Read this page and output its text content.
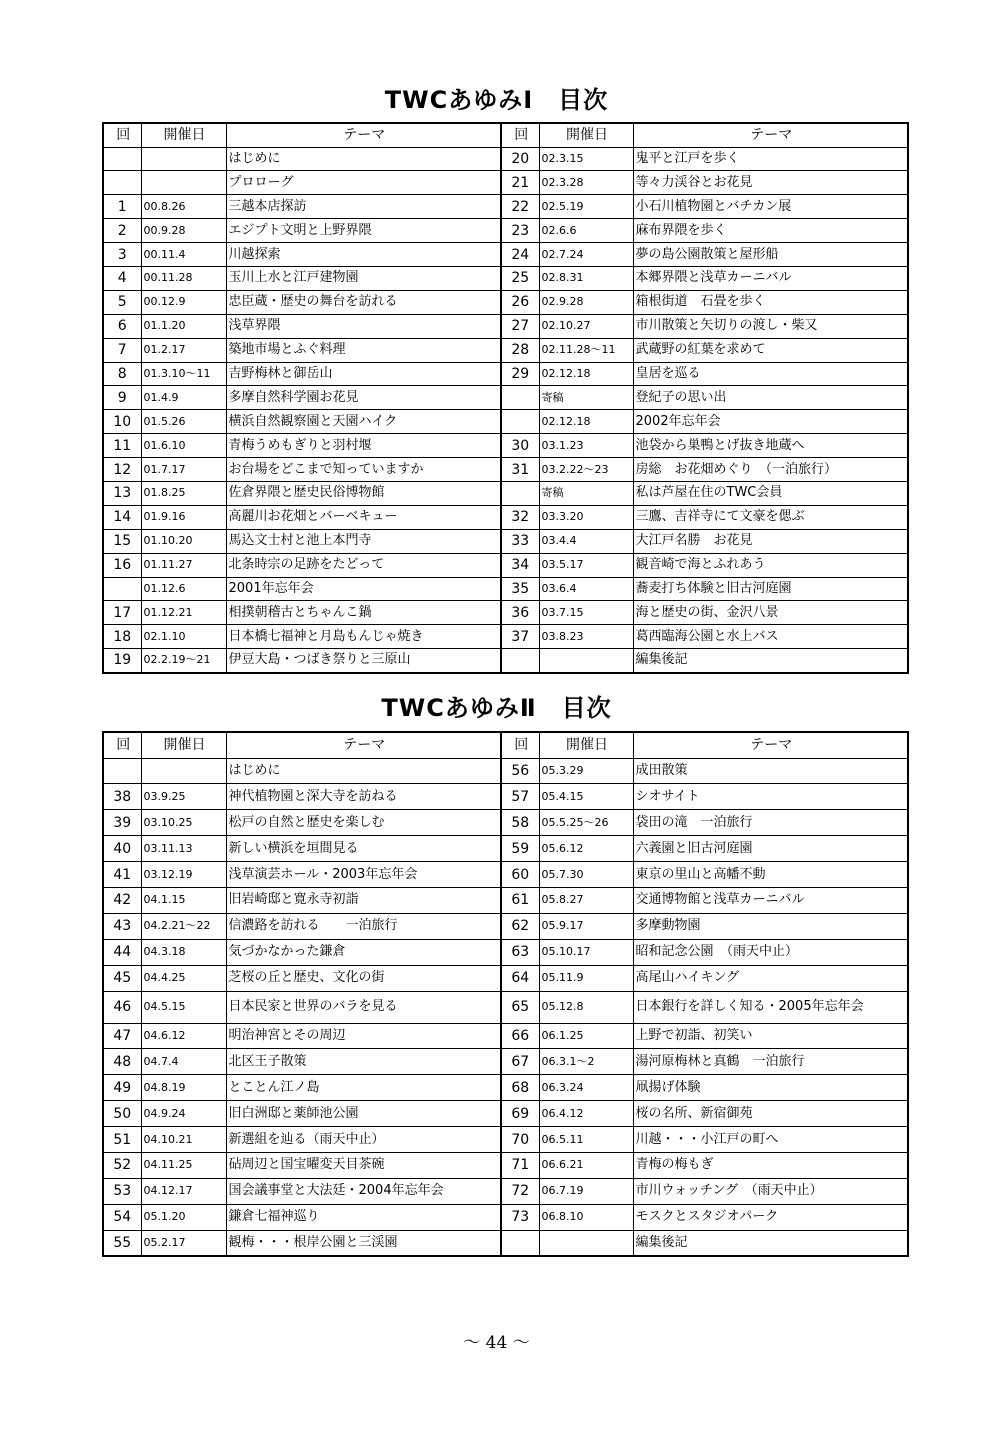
TWCあゆみⅠ　目次
回	開催日	テーマ	回	開催日	テーマ
		はじめに	20	02.3.15	鬼平と江戸を歩く
		プロローグ	21	02.3.28	等々力渓谷とお花見
1	00.8.26	三越本店探訪	22	02.5.19	小石川植物園とバチカン展
2	00.9.28	エジプト文明と上野界隈	23	02.6.6	麻布界隈を歩く
3	00.11.4	川越探索	24	02.7.24	夢の島公園散策と屋形船
4	00.11.28	玉川上水と江戸建物園	25	02.8.31	本郷界隈と浅草カーニバル
5	00.12.9	忠臣蔵・歴史の舞台を訪れる	26	02.9.28	箱根街道　石畳を歩く
6	01.1.20	浅草界隈	27	02.10.27	市川散策と矢切りの渡し・柴又
7	01.2.17	築地市場とふぐ料理	28	02.11.28～11	武蔵野の紅葉を求めて
8	01.3.10～11	吉野梅林と御岳山	29	02.12.18	皇居を巡る
9	01.4.9	多摩自然科学園お花見		寄稿	登紀子の思い出
10	01.5.26	横浜自然観察園と天園ハイク		02.12.18	2002年忘年会
11	01.6.10	青梅うめもぎりと羽村堰	30	03.1.23	池袋から巣鴨とげ抜き地蔵へ
12	01.7.17	お台場をどこまで知っていますか	31	03.2.22～23	房総　お花畑めぐり　（一泊旅行）
13	01.8.25	佐倉界隈と歴史民俗博物館		寄稿	私は芦屋在住のTWC会員
14	01.9.16	高麗川お花畑とバーベキュー	32	03.3.20	三鷹、吉祥寺にて文豪を偲ぶ
15	01.10.20	馬込文士村と池上本門寺	33	03.4.4	大江戸名勝　お花見
16	01.11.27	北条時宗の足跡をたどって	34	03.5.17	観音崎で海とふれあう
	01.12.6	2001年忘年会	35	03.6.4	蕎麦打ち体験と旧古河庭園
17	01.12.21	相撲朝稽古とちゃんこ鍋	36	03.7.15	海と歴史の街、金沢八景
18	02.1.10	日本橋七福神と月島もんじゃ焼き	37	03.8.23	葛西臨海公園と水上バス
19	02.2.19～21	伊豆大島・つばき祭りと三原山			編集後記
TWCあゆみⅡ　目次
回	開催日	テーマ	回	開催日	テーマ
		はじめに	56	05.3.29	成田散策
38	03.9.25	神代植物園と深大寺を訪ねる	57	05.4.15	シオサイト
39	03.10.25	松戸の自然と歴史を楽しむ	58	05.5.25～26	袋田の滝　一泊旅行
40	03.11.13	新しい横浜を垣間見る	59	05.6.12	六義園と旧古河庭園
41	03.12.19	浅草演芸ホール・2003年忘年会	60	05.7.30	東京の里山と高幡不動
42	04.1.15	旧岩崎邸と寛永寺初詣	61	05.8.27	交通博物館と浅草カーニバル
43	04.2.21～22	信濃路を訪れる　　一泊旅行	62	05.9.17	多摩動物園
44	04.3.18	気づかなかった鎌倉	63	05.10.17	昭和記念公園　（雨天中止）
45	04.4.25	芝桜の丘と歴史、文化の街	64	05.11.9	高尾山ハイキング
46	04.5.15	日本民家と世界のバラを見る	65	05.12.8	日本銀行を詳しく知る・2005年忘年会
47	04.6.12	明治神宮とその周辺	66	06.1.25	上野で初詣、初笑い
48	04.7.4	北区王子散策	67	06.3.1～2	湯河原梅林と真鶴　一泊旅行
49	04.8.19	とことん江ノ島	68	06.3.24	凧揚げ体験
50	04.9.24	旧白洲邸と薬師池公園	69	06.4.12	桜の名所、新宿御苑
51	04.10.21	新選組を辿る（雨天中止）	70	06.5.11	川越・・・小江戸の町へ
52	04.11.25	砧周辺と国宝曜変天目茶碗	71	06.6.21	青梅の梅もぎ
53	04.12.17	国会議事堂と大法廷・2004年忘年会	72	06.7.19	市川ウォッチング　（雨天中止）
54	05.1.20	鎌倉七福神巡り	73	06.8.10	モスクとスタジオパーク
55	05.2.17	観梅・・・根岸公園と三渓園			編集後記
～ 44 ～
